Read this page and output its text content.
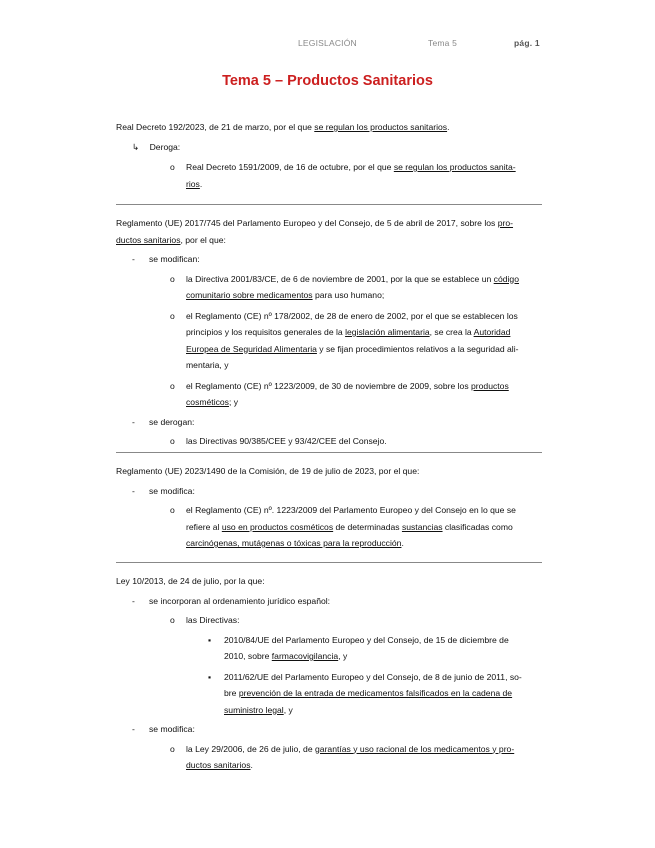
LEGISLACIÓN	Tema 5	pág. 1
Tema 5 – Productos Sanitarios

Real Decreto 192/2023, de 21 de marzo, por el que se regulan los productos sanitarios.

↳ Deroga:
o Real Decreto 1591/2009, de 16 de octubre, por el que se regulan los productos sanita-
rios.

Reglamento (UE) 2017/745 del Parlamento Europeo y del Consejo, de 5 de abril de 2017, sobre los pro-
ductos sanitarios, por el que:

- se modifican:
o la Directiva 2001/83/CE, de 6 de noviembre de 2001, por la que se establece un código
comunitario sobre medicamentos para uso humano;

o el Reglamento (CE) nº 178/2002, de 28 de enero de 2002, por el que se establecen los
principios y los requisitos generales de la legislación alimentaria, se crea la Autoridad
Europea de Seguridad Alimentaria y se fijan procedimientos relativos a la seguridad ali-
mentaria, y

o el Reglamento (CE) nº 1223/2009, de 30 de noviembre de 2009, sobre los productos
cosméticos; y

- se derogan:
o las Directivas 90/385/CEE y 93/42/CEE del Consejo.

Reglamento (UE) 2023/1490 de la Comisión, de 19 de julio de 2023, por el que:

- se modifica:
o el Reglamento (CE) nº. 1223/2009 del Parlamento Europeo y del Consejo en lo que se
refiere al uso en productos cosméticos de determinadas sustancias clasificadas como
carcinógenas, mutágenas o tóxicas para la reproducción.

Ley 10/2013, de 24 de julio, por la que:

- se incorporan al ordenamiento jurídico español:
o las Directivas:
▪ 2010/84/UE del Parlamento Europeo y del Consejo, de 15 de diciembre de
2010, sobre farmacovigilancia, y

▪ 2011/62/UE del Parlamento Europeo y del Consejo, de 8 de junio de 2011, so-
bre prevención de la entrada de medicamentos falsificados en la cadena de
suministro legal, y

- se modifica:
o la Ley 29/2006, de 26 de julio, de garantías y uso racional de los medicamentos y pro-
ductos sanitarios.
